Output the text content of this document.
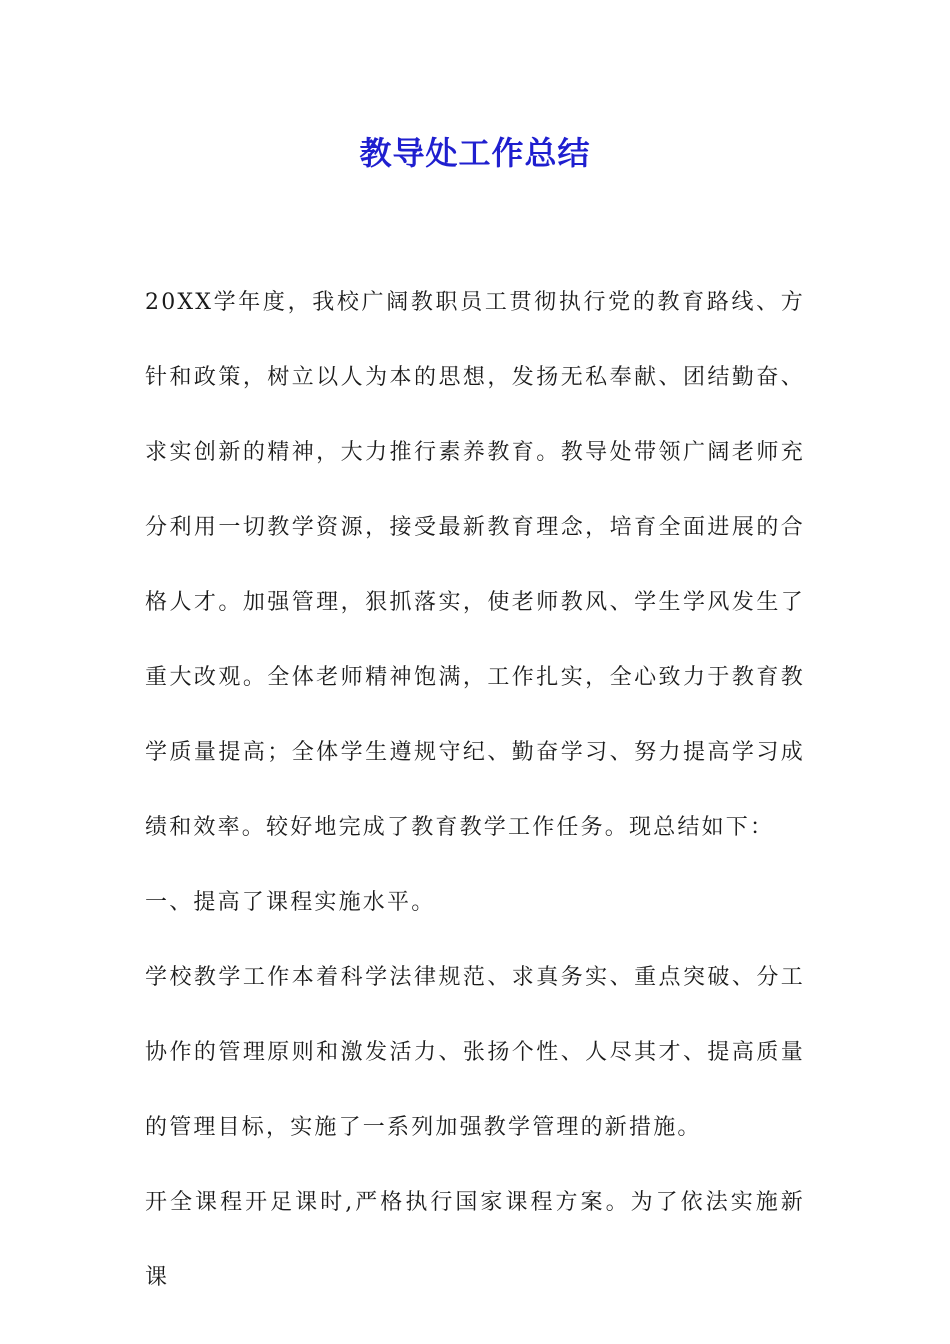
教导处工作总结

20XX学年度，我校广阔教职员工贯彻执行党的教育路线、方针和政策，树立以人为本的思想，发扬无私奉献、团结勤奋、求实创新的精神，大力推行素养教育。教导处带领广阔老师充分利用一切教学资源，接受最新教育理念，培育全面进展的合格人才。加强管理，狠抓落实，使老师教风、学生学风发生了重大改观。全体老师精神饱满，工作扎实，全心致力于教育教学质量提高；全体学生遵规守纪、勤奋学习、努力提高学习成绩和效率。较好地完成了教育教学工作任务。现总结如下：

一、提高了课程实施水平。

学校教学工作本着科学法律规范、求真务实、重点突破、分工协作的管理原则和激发活力、张扬个性、人尽其才、提高质量的管理目标，实施了一系列加强教学管理的新措施。

开全课程开足课时,严格执行国家课程方案。为了依法实施新课
